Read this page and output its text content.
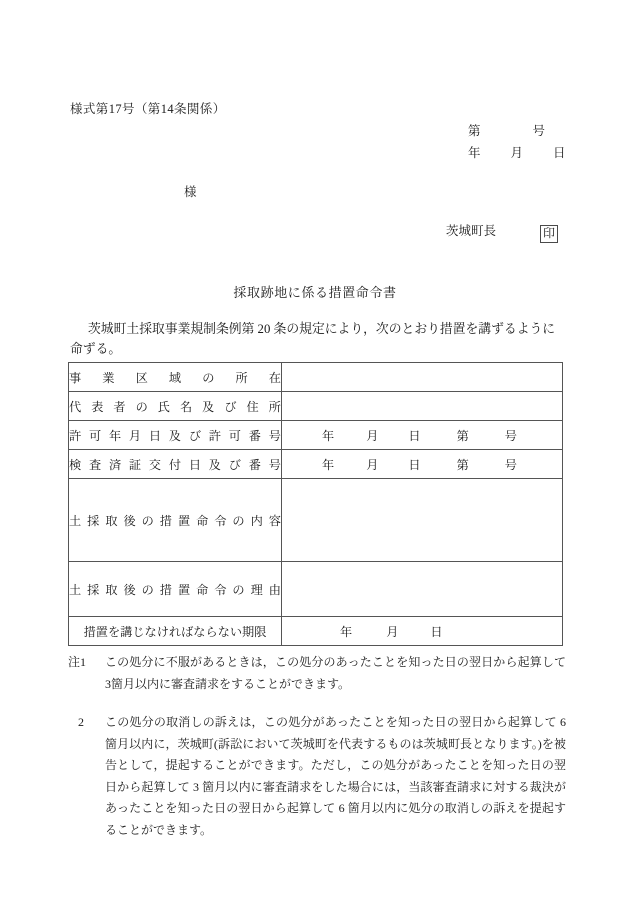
様式第17号（第14条関係）
第	号
年 月 日
様
茨城町長	印
採取跡地に係る措置命令書
茨城町土採取事業規制条例第 20 条の規定により，次のとおり措置を講ずるように命ずる。
事 業 区 域 の 所 在

代 表 者 の 氏 名 及 び 住 所

許 可 年 月 日 及 び 許 可 番 号	年	月 日	第	号

検 査 済 証 交 付 日 及 び 番 号	年	月 日	第	号

土 採 取 後 の 措 置 命 令 の 内 容

土 採 取 後 の 措 置 命 令 の 理 由

措置を講じなければならない期限	年 月 日
注1	この処分に不服があるときは，この処分のあったことを知った日の翌日から起算して 3箇月以内に審査請求をすることができます。
2	この処分の取消しの訴えは，この処分があったことを知った日の翌日から起算して 6 箇月以内に，茨城町(訴訟において茨城町を代表するものは茨城町長となります。)を被告として，提起することができます。ただし，この処分があったことを知った日の翌日から起算して 3 箇月以内に審査請求をした場合には，当該審査請求に対する裁決があったことを知った日の翌日から起算して 6 箇月以内に処分の取消しの訴えを提起することができます。
